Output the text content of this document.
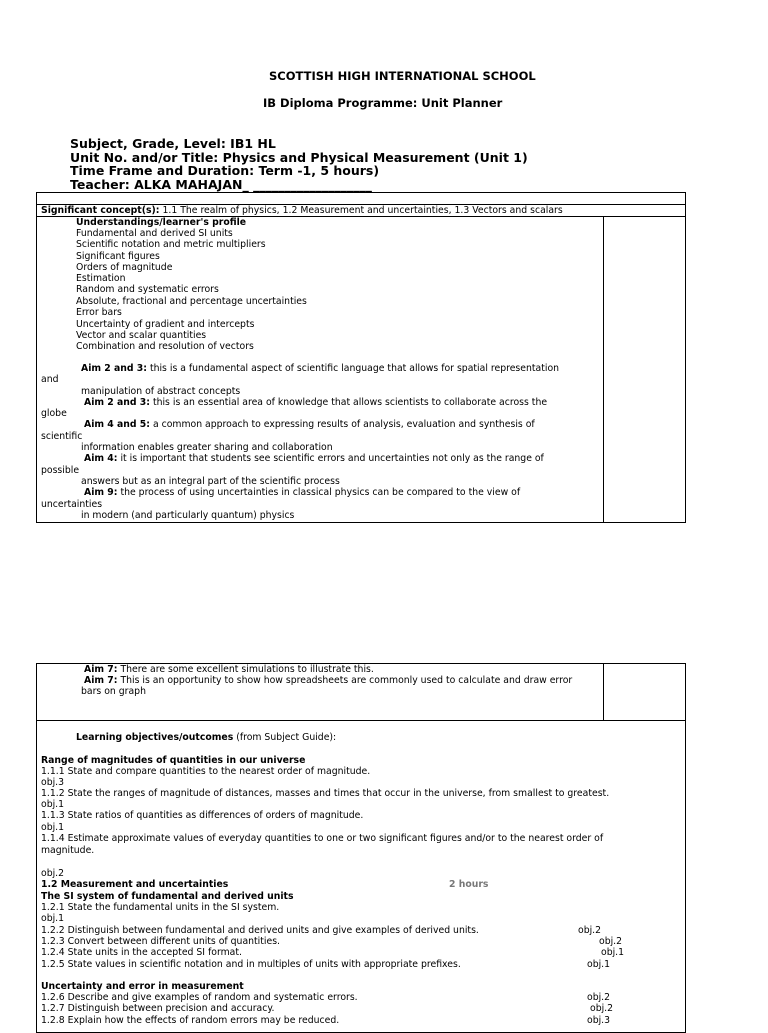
SCOTTISH HIGH INTERNATIONAL SCHOOL
IB Diploma Programme: Unit Planner
Subject, Grade, Level: IB1 HL
Unit No. and/or Title: Physics and Physical Measurement (Unit 1)
Time Frame and Duration: Term -1, 5 hours)
Teacher: ALKA MAHAJAN_ ___________________
Significant concept(s): 1.1 The realm of physics, 1.2 Measurement and uncertainties, 1.3 Vectors and scalars
Understandings/learner's profile
Fundamental and derived SI units
Scientific notation and metric multipliers
Significant figures
Orders of magnitude
Estimation
Random and systematic errors
Absolute, fractional and percentage uncertainties
Error bars
Uncertainty of gradient and intercepts
Vector and scalar quantities
Combination and resolution of vectors
Aim 2 and 3: this is a fundamental aspect of scientific language that allows for spatial representation
and
manipulation of abstract concepts
Aim 2 and 3: this is an essential area of knowledge that allows scientists to collaborate across the
globe
Aim 4 and 5: a common approach to expressing results of analysis, evaluation and synthesis of
scientific
information enables greater sharing and collaboration
Aim 4: it is important that students see scientific errors and uncertainties not only as the range of
possible
answers but as an integral part of the scientific process
Aim 9: the process of using uncertainties in classical physics can be compared to the view of
uncertainties
in modern (and particularly quantum) physics
Aim 7: There are some excellent simulations to illustrate this.
Aim 7: This is an opportunity to show how spreadsheets are commonly used to calculate and draw error
bars on graph
Learning objectives/outcomes (from Subject Guide):
Range of magnitudes of quantities in our universe
1.1.1 State and compare quantities to the nearest order of magnitude.
obj.3
1.1.2 State the ranges of magnitude of distances, masses and times that occur in the universe, from smallest to greatest.
obj.1
1.1.3 State ratios of quantities as differences of orders of magnitude.
obj.1
1.1.4 Estimate approximate values of everyday quantities to one or two significant figures and/or to the nearest order of
magnitude.
obj.2
1.2 Measurement and uncertainties	2 hours
The SI system of fundamental and derived units
1.2.1 State the fundamental units in the SI system.
obj.1
1.2.2 Distinguish between fundamental and derived units and give examples of derived units.	obj.2
1.2.3 Convert between different units of quantities.	obj.2
1.2.4 State units in the accepted SI format.	obj.1
1.2.5 State values in scientific notation and in multiples of units with appropriate prefixes.	obj.1
Uncertainty and error in measurement
1.2.6 Describe and give examples of random and systematic errors.	obj.2
1.2.7 Distinguish between precision and accuracy.	obj.2
1.2.8 Explain how the effects of random errors may be reduced.	obj.3
